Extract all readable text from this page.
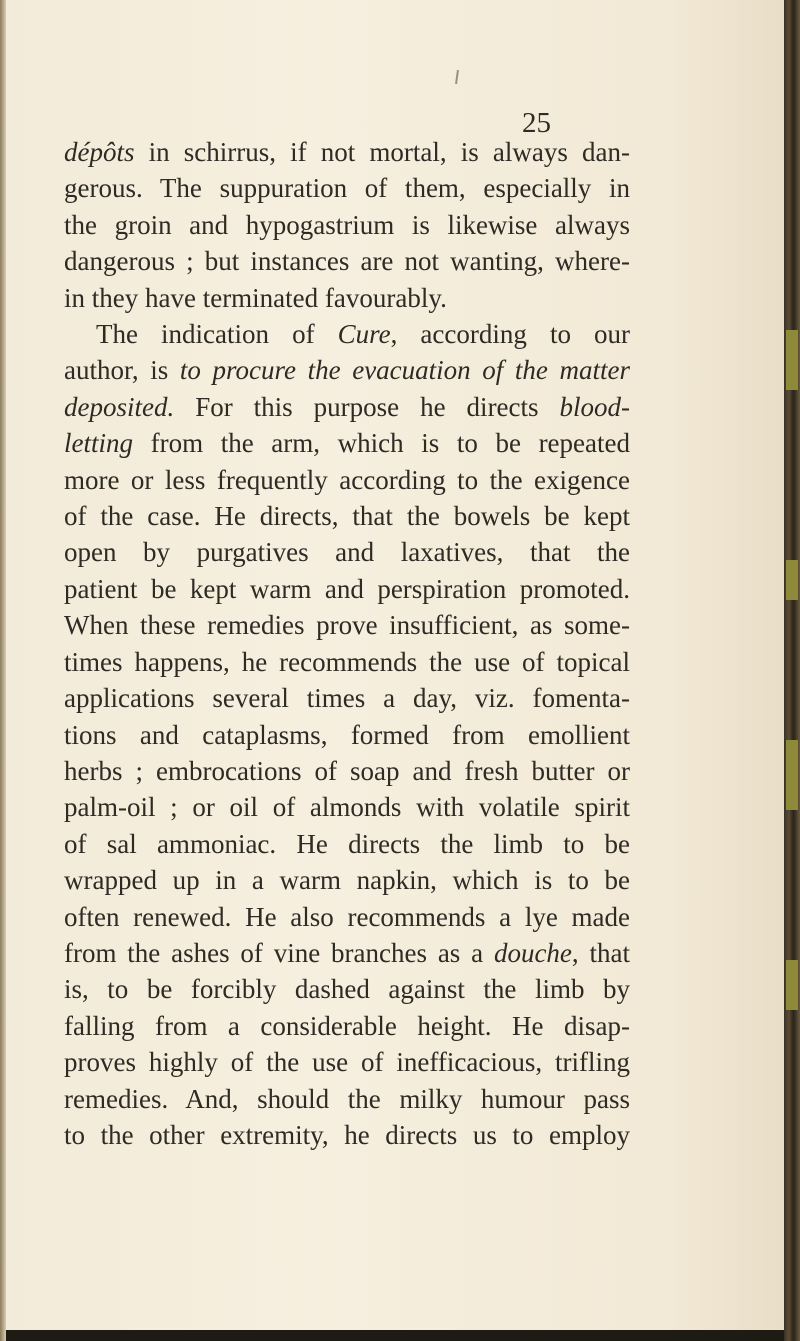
25
dépôts in schirrus, if not mortal, is always dan-
gerous. The suppuration of them, especially in
the groin and hypogastrium is likewise always
dangerous ; but instances are not wanting, where-
in they have terminated favourably.
The indication of Cure, according to our
author, is to procure the evacuation of the matter
deposited. For this purpose he directs blood-
letting from the arm, which is to be repeated
more or less frequently according to the exigence
of the case. He directs, that the bowels be kept
open by purgatives and laxatives, that the
patient be kept warm and perspiration promoted.
When these remedies prove insufficient, as some-
times happens, he recommends the use of topical
applications several times a day, viz. fomenta-
tions and cataplasms, formed from emollient
herbs ; embrocations of soap and fresh butter or
palm-oil ; or oil of almonds with volatile spirit
of sal ammoniac. He directs the limb to be
wrapped up in a warm napkin, which is to be
often renewed. He also recommends a lye made
from the ashes of vine branches as a douche, that
is, to be forcibly dashed against the limb by
falling from a considerable height. He disap-
proves highly of the use of inefficacious, trifling
remedies. And, should the milky humour pass
to the other extremity, he directs us to employ
